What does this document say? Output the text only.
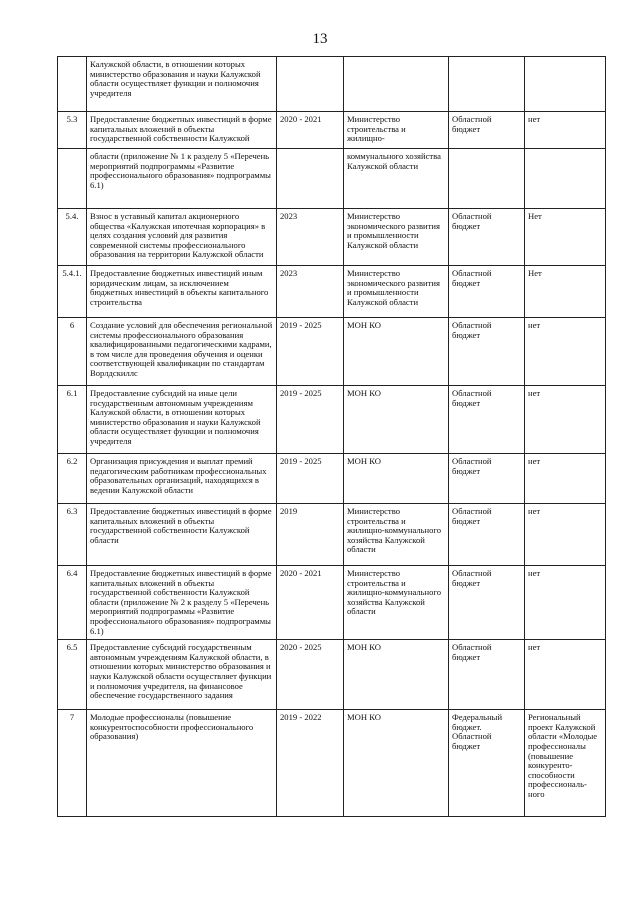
13

	Калужской области, в отношении которых министерство образования и науки Калужской области осуществляет функции и полномочия учредителя				

5.3	Предоставление бюджетных инвестиций в форме капитальных вложений в объекты государственной собственности Калужской	2020 - 2021	Министерство строительства и жилищно-	Областной бюджет	нет

	области (приложение № 1 к разделу 5 «Перечень мероприятий подпрограммы «Развитие профессионального образования» подпрограммы 6.1)		коммунального хозяйства Калужской области		

5.4.	Взнос в уставный капитал акционерного общества «Калужская ипотечная корпорация» в целях создания условий для развития современной системы профессионального образования на территории Калужской области	2023	Министерство экономического развития и промышленности Калужской области	Областной бюджет	Нет

5.4.1.	Предоставление бюджетных инвестиций иным юридическим лицам, за исключением бюджетных инвестиций в объекты капитального строительства	2023	Министерство экономического развития и промышленности Калужской области	Областной бюджет	Нет

6	Создание условий для обеспечения региональной системы профессионального образования квалифицированными педагогическими кадрами, в том числе для проведения обучения и оценки соответствующей квалификации по стандартам Ворлдскиллс	2019 - 2025	МОН КО	Областной бюджет	нет

6.1	Предоставление субсидий на иные цели государственным автономным учреждениям Калужской области, в отношении которых министерство образования и науки Калужской области осуществляет функции и полномочия учредителя	2019 - 2025	МОН КО	Областной бюджет	нет

6.2	Организация присуждения и выплат премий педагогическим работникам профессиональных образовательных организаций, находящихся в ведении Калужской области	2019 - 2025	МОН КО	Областной бюджет	нет

6.3	Предоставление бюджетных инвестиций в форме капитальных вложений в объекты государственной собственности Калужской области	2019	Министерство строительства и жилищно-коммунального хозяйства Калужской области	Областной бюджет	нет

6.4	Предоставление бюджетных инвестиций в форме капитальных вложений в объекты государственной собственности Калужской области (приложение № 2 к разделу 5 «Перечень мероприятий подпрограммы «Развитие профессионального образования» подпрограммы 6.1)	2020 - 2021	Министерство строительства и жилищно-коммунального хозяйства Калужской области	Областной бюджет	нет

6.5	Предоставление субсидий государственным автономным учреждениям Калужской области, в отношении которых министерство образования и науки Калужской области осуществляет функции и полномочия учредителя, на финансовое обеспечение государственного задания	2020 - 2025	МОН КО	Областной бюджет	нет

7	Молодые профессионалы (повышение конкурентоспособности профессионального образования)	2019 - 2022	МОН КО	Федеральный бюджет. Областной бюджет	Региональный проект Калужской области «Молодые профессионалы (повышение конкуренто-способности профессиональ-ного
